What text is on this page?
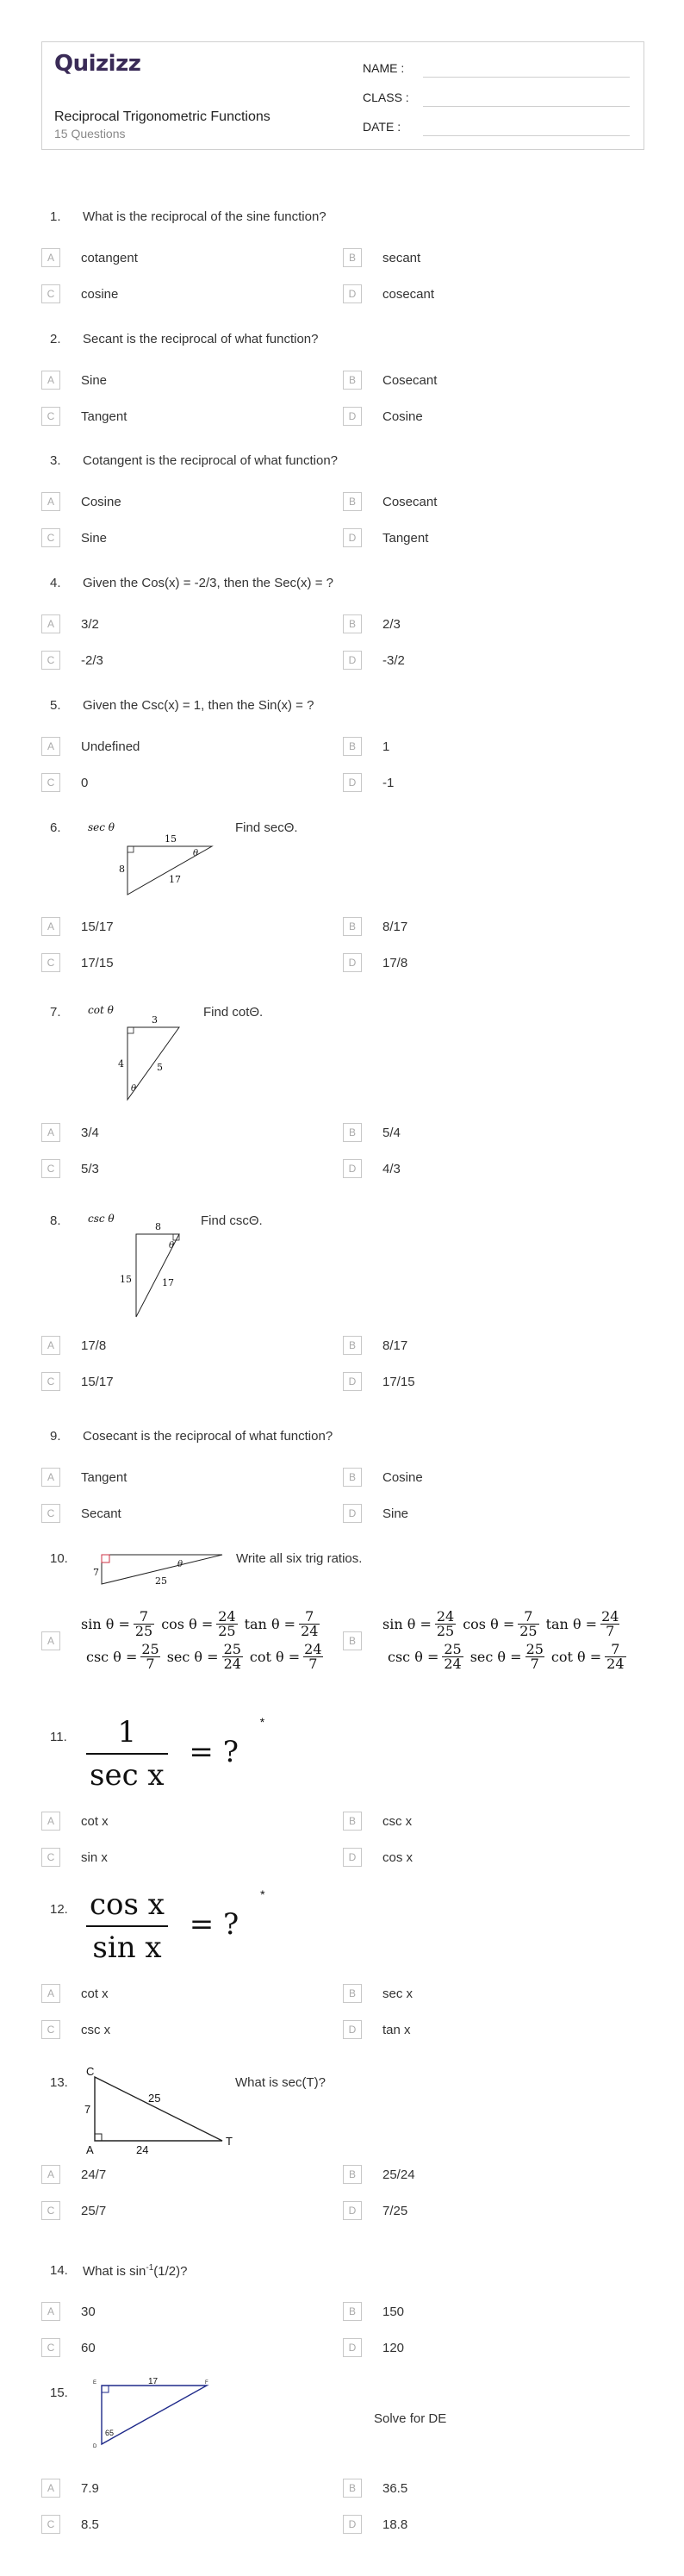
Quizizz
Reciprocal Trigonometric Functions
15 Questions
NAME :
CLASS :
DATE :
1. What is the reciprocal of the sine function?
2. Secant is the reciprocal of what function?
3. Cotangent is the reciprocal of what function?
4. Given the Cos(x) = -2/3, then the Sec(x) = ?
5. Given the Csc(x) = 1, then the Sin(x) = ?
6.	sec θ
15
8
17
θ
Find secΘ.
7.	cot θ
3
4	5
θ
Find cotΘ.
8.	csc θ
8
15	17
θ
Find cscΘ.
9. Cosecant is the reciprocal of what function?
10.
7
25
θ	Write all six trig ratios.
11. $\frac{1}{\text{sec x}}$ = ? *
12. $\frac{\text{cos x}}{\text{sin x}}$ = ? *
13.
C
7
25
A	24
T
What is sec(T)?
14. What is $\sin^{-1}(1/2)$?
15.
E	F
D
17
65
Solve for DE
A	cotangent	B	secant
C	cosine	D	cosecant
A	Sine	B	Cosecant
C	Tangent	D	Cosine
A	Cosine	B	Cosecant
C	Sine	D	Tangent
A	3/2	B	2/3
C	-2/3	D	-3/2
A	Undefined	B	1
C	0	D	-1
A	15/17	B	8/17
C	17/15	D	17/8
A	3/4	B	5/4
C	5/3	D	4/3
A	17/8	B	8/17
C	15/17	D	17/15
A	Tangent	B	Cosine
C	Secant	D	Sine
A
$\sin \theta = \frac{7}{25}$ $\cos \theta = \frac{24}{25}$ $\tan \theta = \frac{7}{24}$
$\csc \theta = \frac{25}{7}$ $\sec \theta = \frac{25}{24}$ $\cot \theta = \frac{24}{7}$
B
$\sin \theta = \frac{24}{25}$ $\cos \theta = \frac{7}{25}$ $\tan \theta = \frac{24}{7}$
$\csc \theta = \frac{25}{24}$ $\sec \theta = \frac{25}{7}$ $\cot \theta = \frac{7}{24}$
A	cot x	B	csc x
C	sin x	D	cos x
A	cot x	B	sec x
C	csc x	D	tan x
A	24/7	B	25/24
C	25/7	D	7/25
A	30	B	150
C	60	D	120
A	7.9	B	36.5
C	8.5	D	18.8
